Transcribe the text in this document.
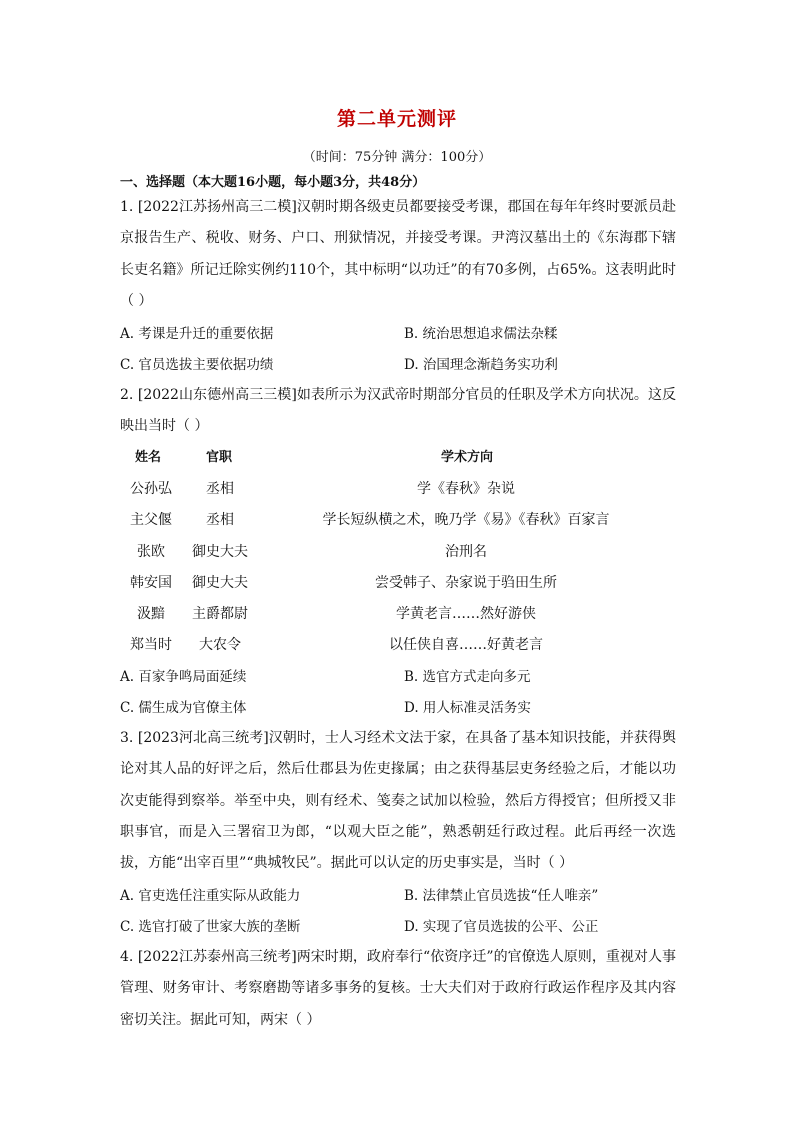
第二单元测评
（时间：75分钟 满分：100分）
一、选择题（本大题16小题，每小题3分，共48分）
1. [2022江苏扬州高三二模]汉朝时期各级吏员都要接受考课，郡国在每年年终时要派员赴京报告生产、税收、财务、户口、刑狱情况，并接受考课。尹湾汉墓出土的《东海郡下辖长吏名籍》所记迁除实例约110个，其中标明“以功迁”的有70多例，占65%。这表明此时（ ）
A. 考课是升迁的重要依据	B. 统治思想追求儒法杂糅
C. 官员选拔主要依据功绩	D. 治国理念渐趋务实功利
2. [2022山东德州高三三模]如表所示为汉武帝时期部分官员的任职及学术方向状况。这反映出当时（ ）
姓名	官职	学术方向
公孙弘 丞相	学《春秋》杂说
主父偃 丞相	学长短纵横之术，晚乃学《易》《春秋》百家言
张欧 御史大夫	治刑名
韩安国 御史大夫	尝受韩子、杂家说于驺田生所
汲黯 主爵都尉	学黄老言……然好游侠
郑当时 大农令	以任侠自喜……好黄老言
A. 百家争鸣局面延续	B. 选官方式走向多元
C. 儒生成为官僚主体	D. 用人标准灵活务实
3. [2023河北高三统考]汉朝时，士人习经术文法于家，在具备了基本知识技能，并获得舆论对其人品的好评之后，然后仕郡县为佐吏掾属；由之获得基层吏务经验之后，才能以功次吏能得到察举。举至中央，则有经术、笺奏之试加以检验，然后方得授官；但所授又非职事官，而是入三署宿卫为郎，“以观大臣之能”，熟悉朝廷行政过程。此后再经一次选拔，方能“出宰百里”“典城牧民”。据此可以认定的历史事实是，当时（ ）
A. 官吏选任注重实际从政能力	B. 法律禁止官员选拔“任人唯亲”
C. 选官打破了世家大族的垄断	D. 实现了官员选拔的公平、公正
4. [2022江苏泰州高三统考]两宋时期，政府奉行“依资序迁”的官僚选人原则，重视对人事管理、财务审计、考察磨勘等诸多事务的复核。士大夫们对于政府行政运作程序及其内容密切关注。据此可知，两宋（ ）
